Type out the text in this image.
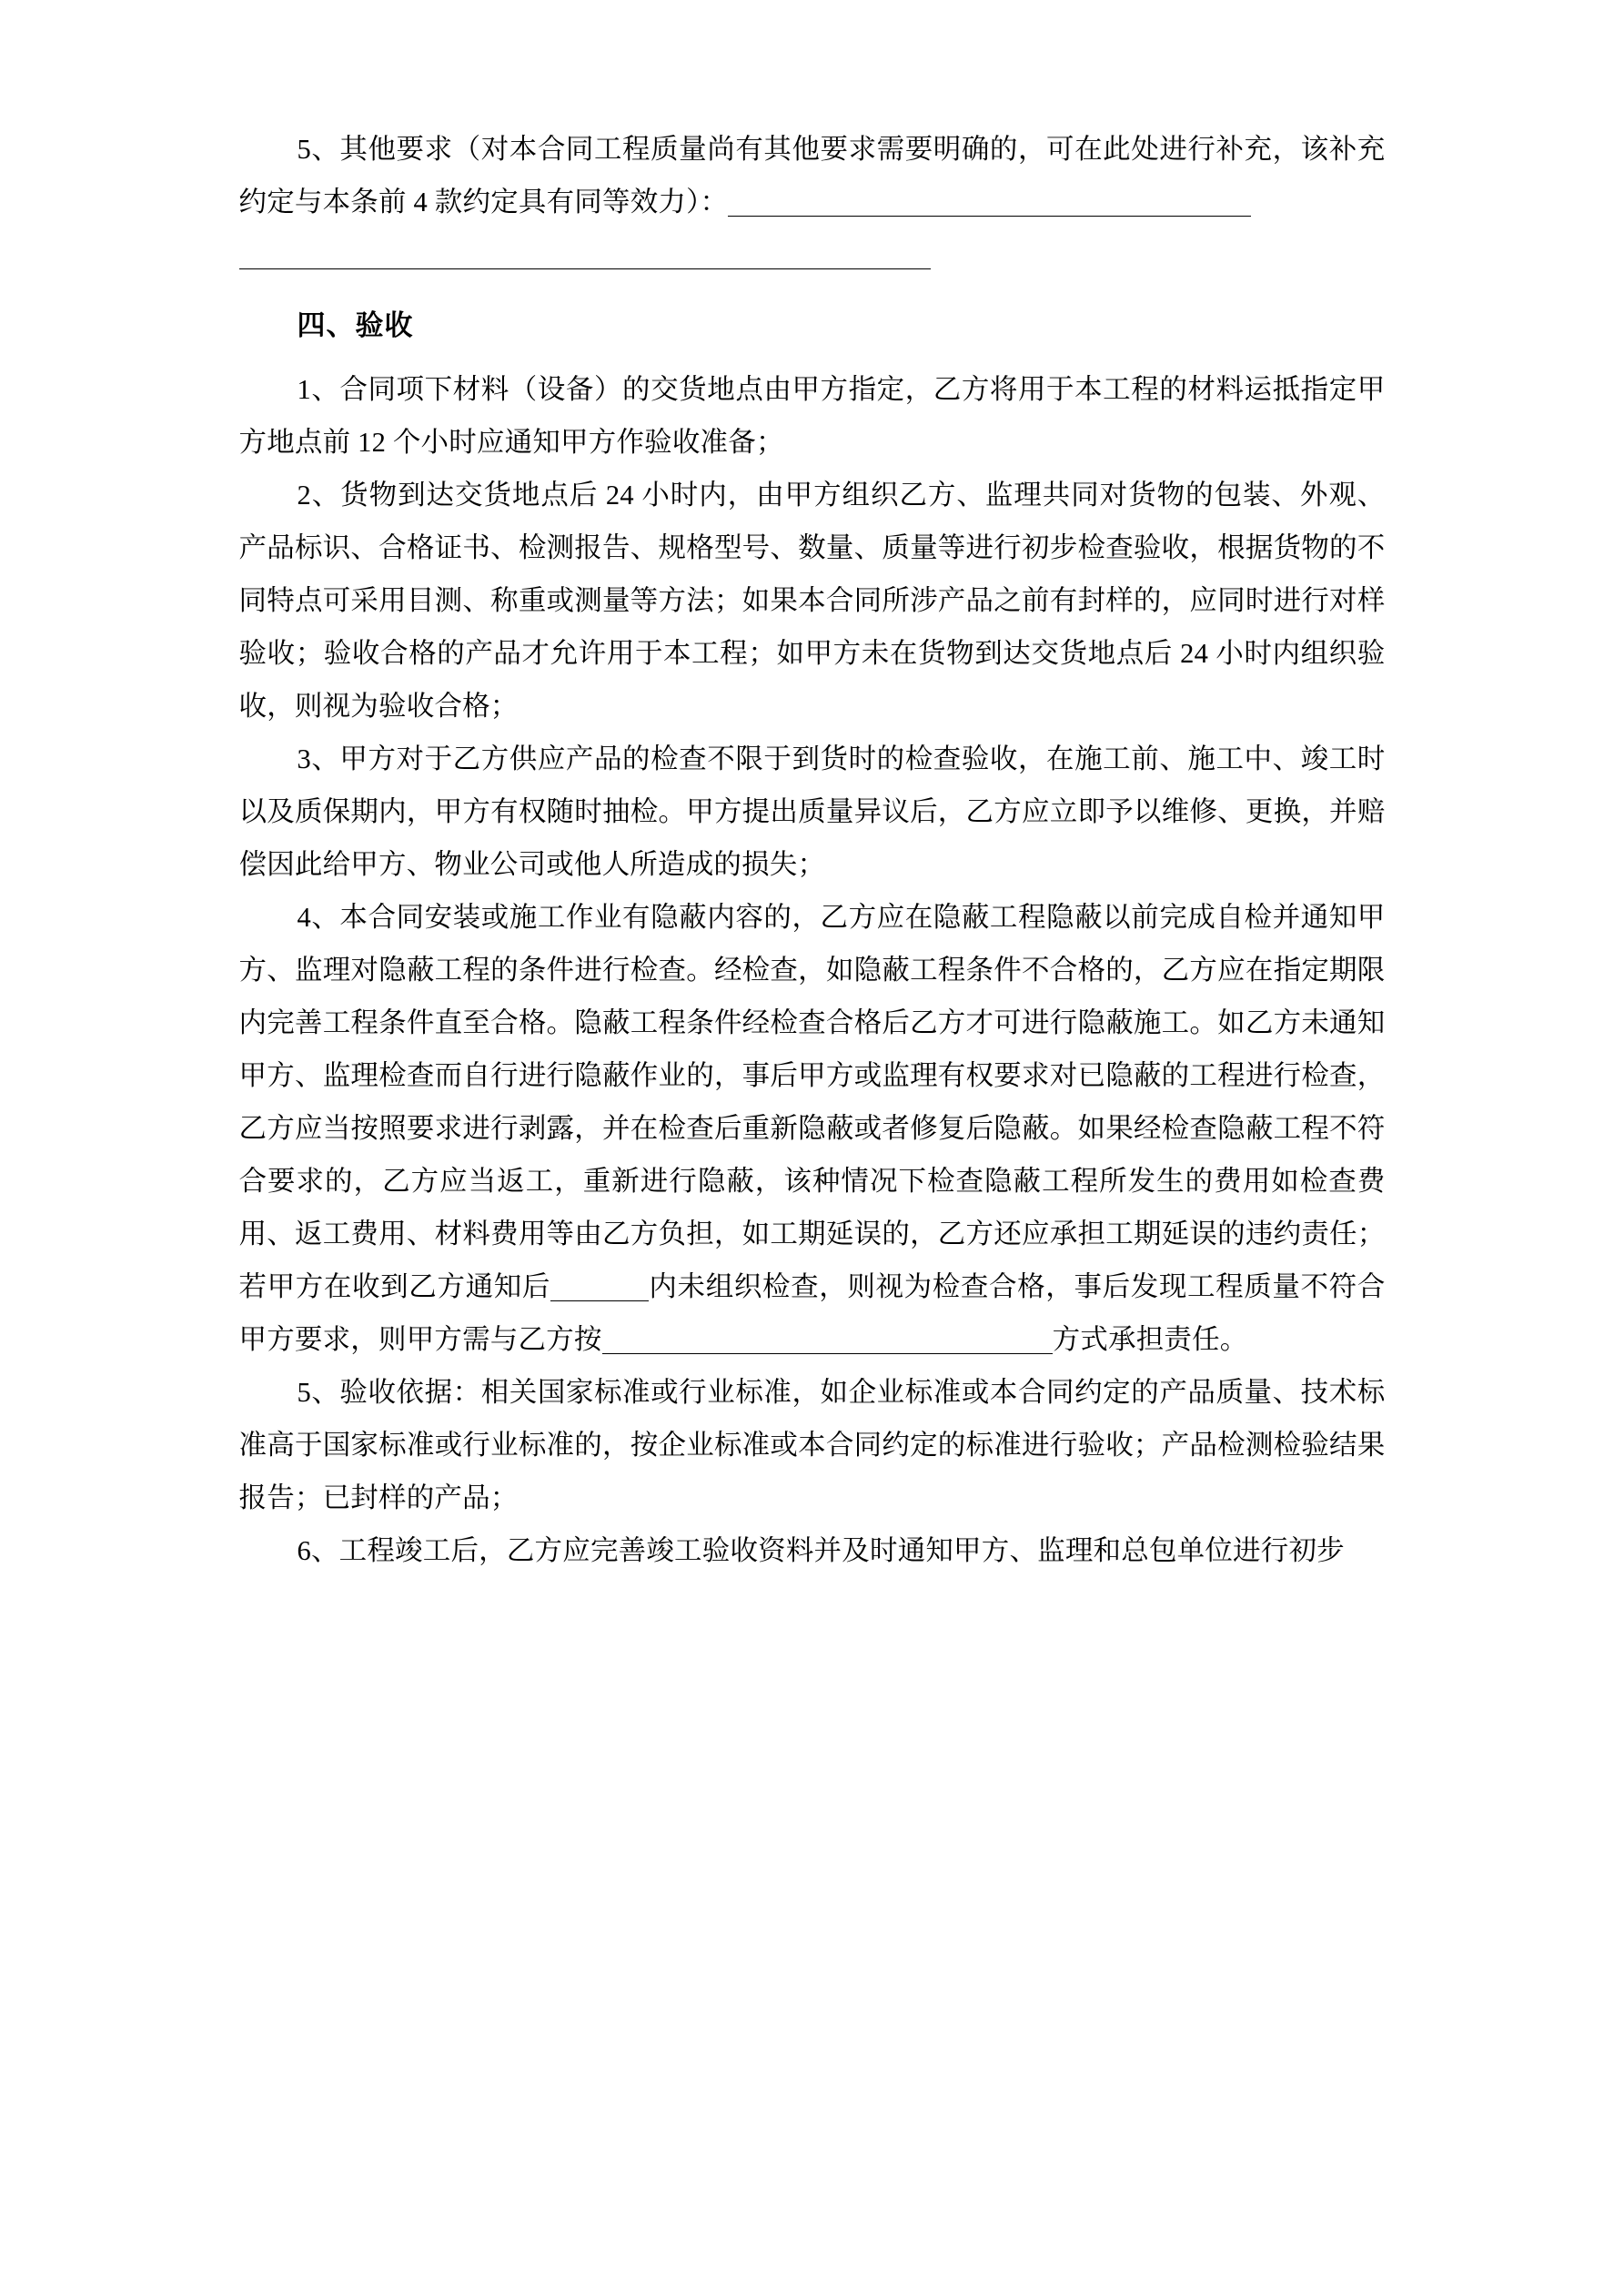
5、其他要求（对本合同工程质量尚有其他要求需要明确的，可在此处进行补充，该补充约定与本条前 4 款约定具有同等效力）：

四、验收

1、合同项下材料（设备）的交货地点由甲方指定，乙方将用于本工程的材料运抵指定甲方地点前 12 个小时应通知甲方作验收准备；

2、货物到达交货地点后 24 小时内，由甲方组织乙方、监理共同对货物的包装、外观、产品标识、合格证书、检测报告、规格型号、数量、质量等进行初步检查验收，根据货物的不同特点可采用目测、称重或测量等方法；如果本合同所涉产品之前有封样的，应同时进行对样验收；验收合格的产品才允许用于本工程；如甲方未在货物到达交货地点后 24 小时内组织验收，则视为验收合格；

3、甲方对于乙方供应产品的检查不限于到货时的检查验收，在施工前、施工中、竣工时以及质保期内，甲方有权随时抽检。甲方提出质量异议后，乙方应立即予以维修、更换，并赔偿因此给甲方、物业公司或他人所造成的损失；

4、本合同安装或施工作业有隐蔽内容的，乙方应在隐蔽工程隐蔽以前完成自检并通知甲方、监理对隐蔽工程的条件进行检查。经检查，如隐蔽工程条件不合格的，乙方应在指定期限内完善工程条件直至合格。隐蔽工程条件经检查合格后乙方才可进行隐蔽施工。如乙方未通知甲方、监理检查而自行进行隐蔽作业的，事后甲方或监理有权要求对已隐蔽的工程进行检查，乙方应当按照要求进行剥露，并在检查后重新隐蔽或者修复后隐蔽。如果经检查隐蔽工程不符合要求的，乙方应当返工，重新进行隐蔽，该种情况下检查隐蔽工程所发生的费用如检查费用、返工费用、材料费用等由乙方负担，如工期延误的，乙方还应承担工期延误的违约责任；若甲方在收到乙方通知后	内未组织检查，则视为检查合格，事后发现工程质量不符合甲方要求，则甲方需与乙方按	方式承担责任。

5、验收依据：相关国家标准或行业标准，如企业标准或本合同约定的产品质量、技术标准高于国家标准或行业标准的，按企业标准或本合同约定的标准进行验收；产品检测检验结果报告；已封样的产品；

6、工程竣工后，乙方应完善竣工验收资料并及时通知甲方、监理和总包单位进行初步
